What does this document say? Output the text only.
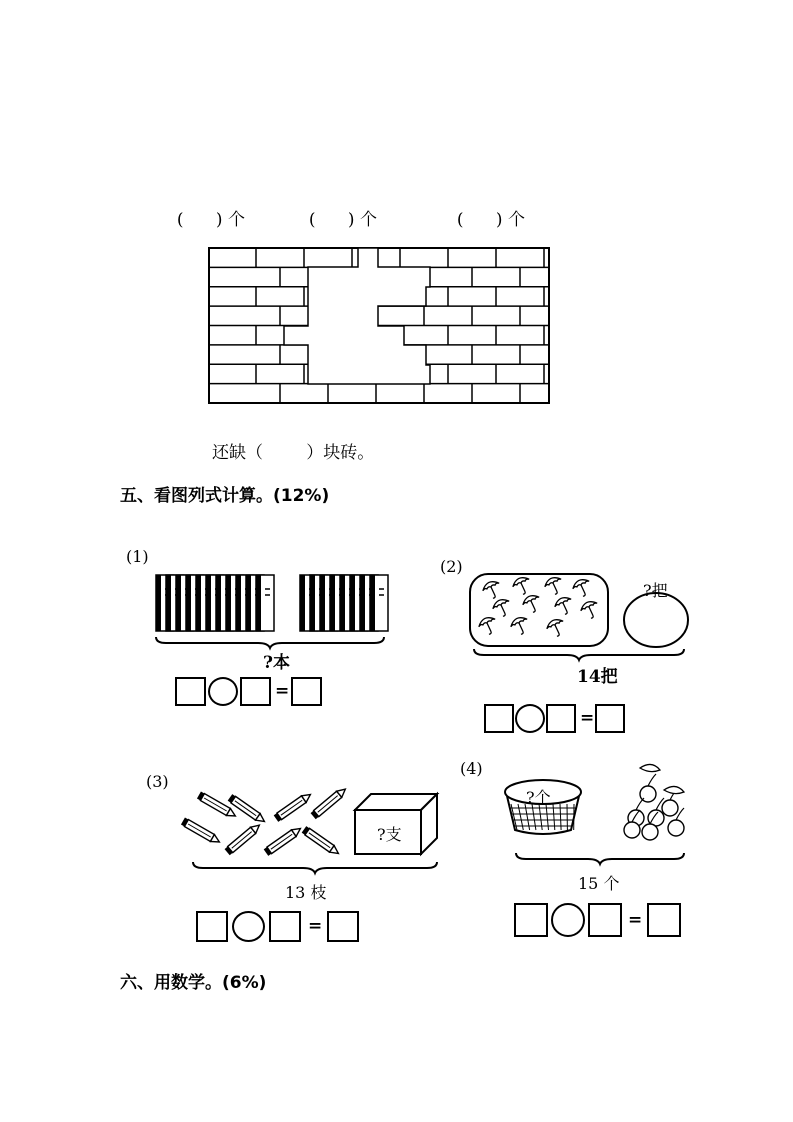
( ) 个	( ) 个	( ) 个

还缺（        ）块砖。
五、看图列式计算。(12%)
(1)
?本
=
(2)
?把
14把
=
(3)
?支
13 枝
=
(4)
?个
15 个
=
六、用数学。(6%)
